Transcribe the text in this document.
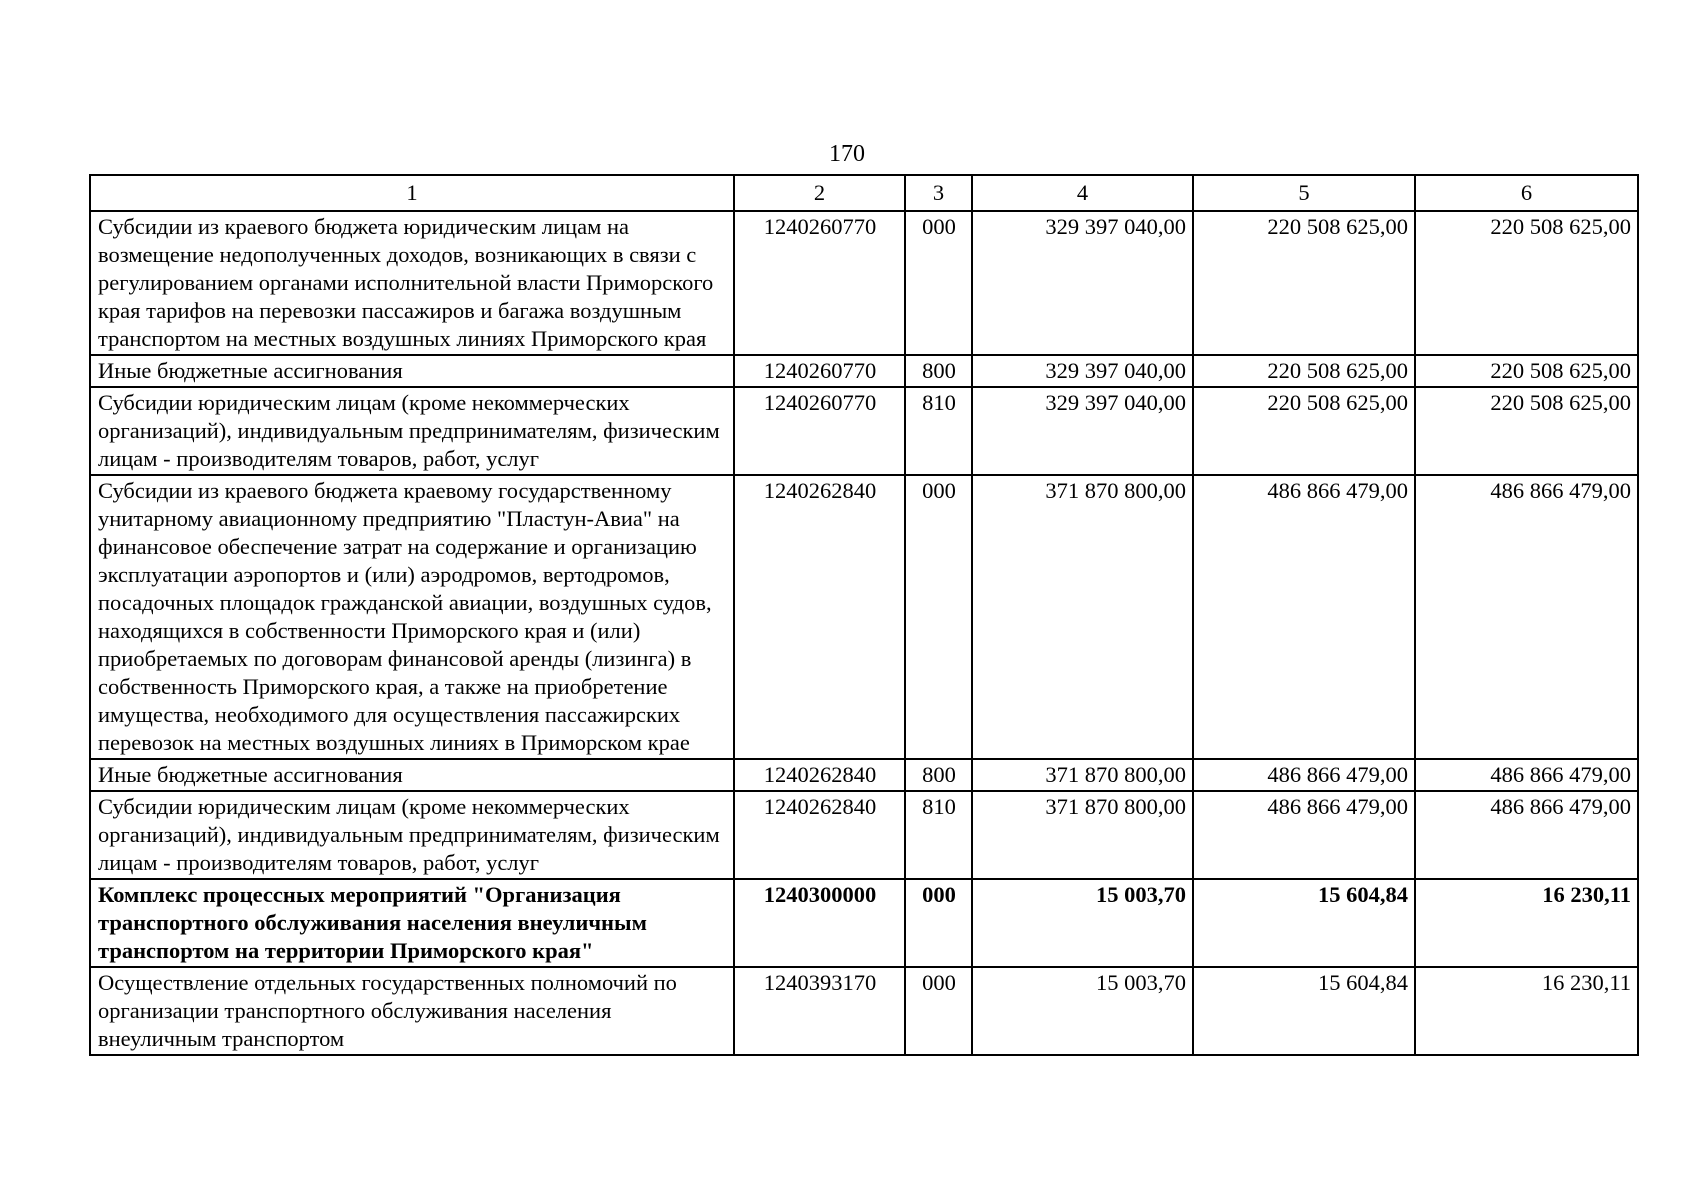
170
1	2	3	4	5	6
Субсидии из краевого бюджета юридическим лицам на возмещение недополученных доходов, возникающих в связи с регулированием органами исполнительной власти Приморского края тарифов на перевозки пассажиров и багажа воздушным транспортом на местных воздушных линиях Приморского края	1240260770	000	329 397 040,00	220 508 625,00	220 508 625,00
Иные бюджетные ассигнования	1240260770	800	329 397 040,00	220 508 625,00	220 508 625,00
Субсидии юридическим лицам (кроме некоммерческих организаций), индивидуальным предпринимателям, физическим лицам - производителям товаров, работ, услуг	1240260770	810	329 397 040,00	220 508 625,00	220 508 625,00
Субсидии из краевого бюджета краевому государственному унитарному авиационному предприятию "Пластун-Авиа" на финансовое обеспечение затрат на содержание и организацию эксплуатации аэропортов и (или) аэродромов, вертодромов, посадочных площадок гражданской авиации, воздушных судов, находящихся в собственности Приморского края и (или) приобретаемых по договорам финансовой аренды (лизинга) в собственность Приморского края, а также на приобретение имущества, необходимого для осуществления пассажирских перевозок на местных воздушных линиях в Приморском крае	1240262840	000	371 870 800,00	486 866 479,00	486 866 479,00
Иные бюджетные ассигнования	1240262840	800	371 870 800,00	486 866 479,00	486 866 479,00
Субсидии юридическим лицам (кроме некоммерческих организаций), индивидуальным предпринимателям, физическим лицам - производителям товаров, работ, услуг	1240262840	810	371 870 800,00	486 866 479,00	486 866 479,00
Комплекс процессных мероприятий "Организация транспортного обслуживания населения внеуличным транспортом на территории Приморского края"	1240300000	000	15 003,70	15 604,84	16 230,11
Осуществление отдельных государственных полномочий по организации транспортного обслуживания населения внеуличным транспортом	1240393170	000	15 003,70	15 604,84	16 230,11
